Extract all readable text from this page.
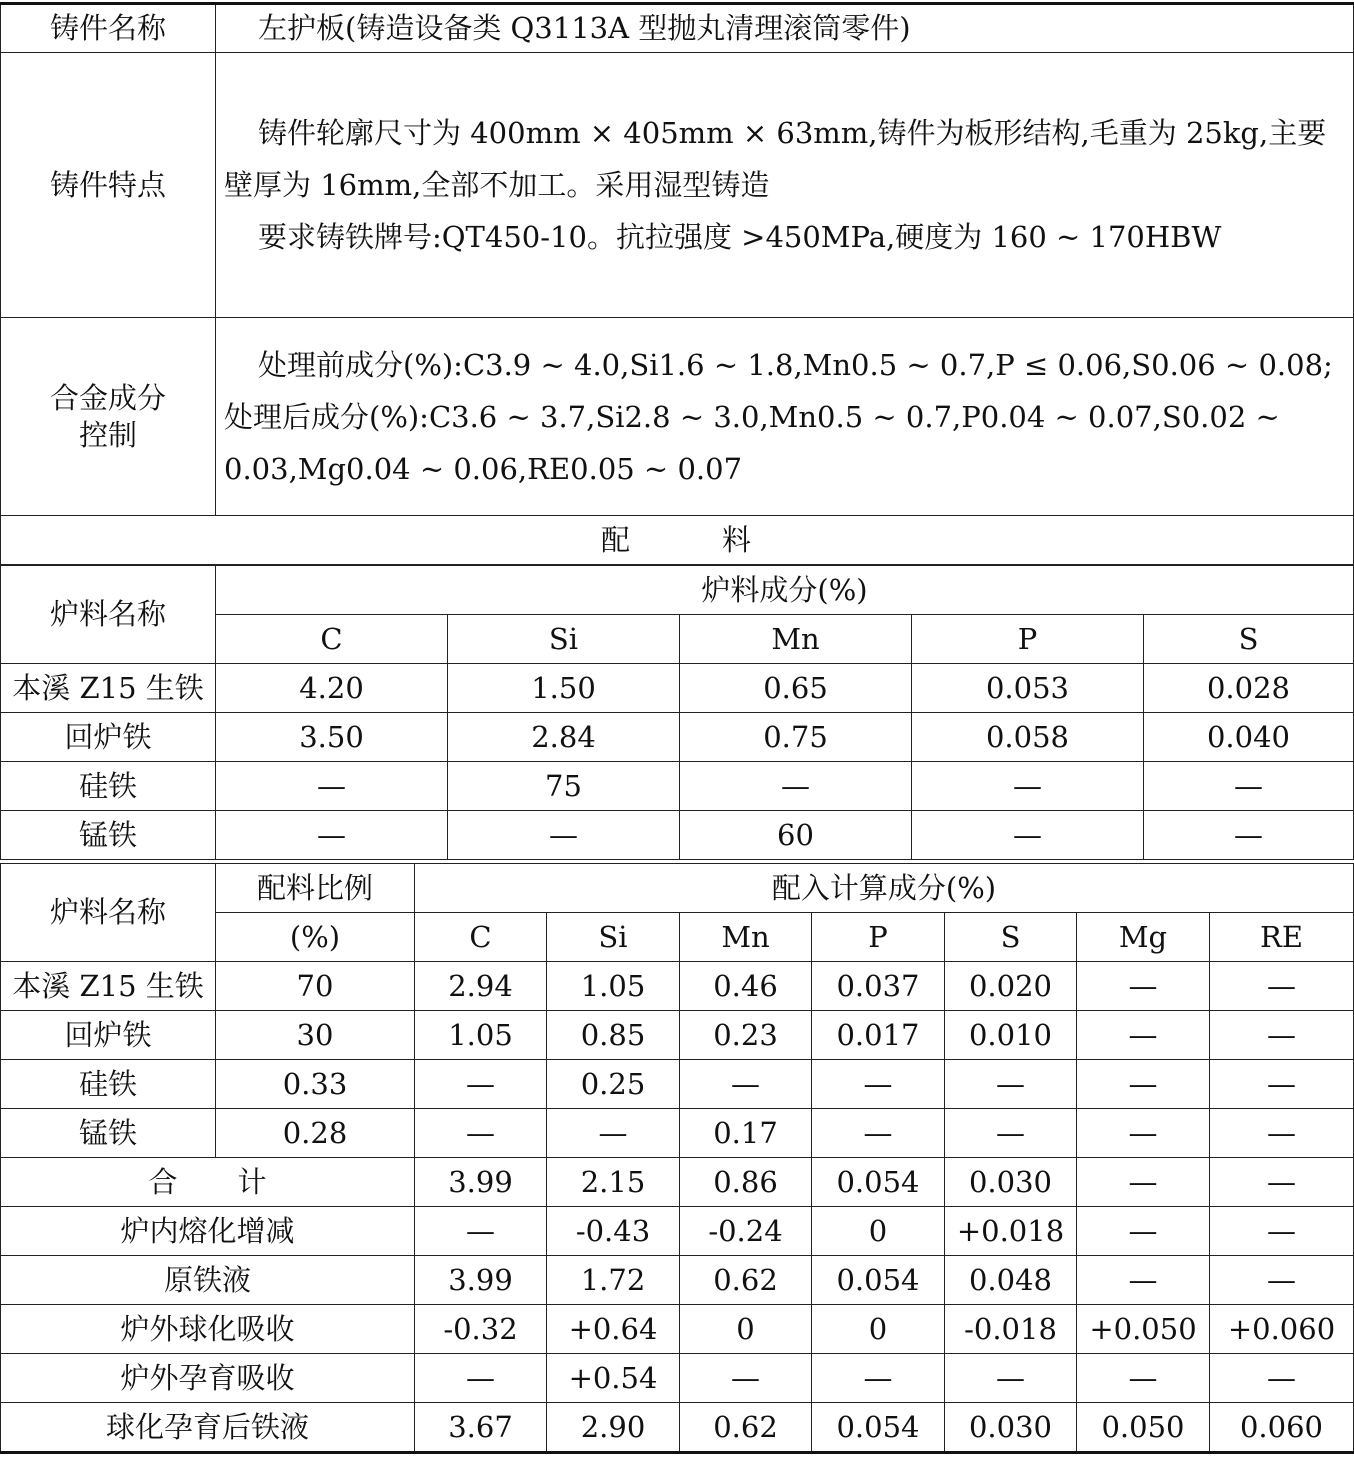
铸件名称	左护板(铸造设备类 Q3113A 型抛丸清理滚筒零件)
铸件特点	铸件轮廓尺寸为 400mm × 405mm × 63mm,铸件为板形结构,毛重为 25kg,主要壁厚为 16mm,全部不加工。采用湿型铸造
要求铸铁牌号:QT450-10。抗拉强度 >450MPa,硬度为 160 ~ 170HBW

合金成分
控制	处理前成分(%):C3.9 ~ 4.0,Si1.6 ~ 1.8,Mn0.5 ~ 0.7,P ≤ 0.06,S0.06 ~ 0.08;处理后成分(%):C3.6 ~ 3.7,Si2.8 ~ 3.0,Mn0.5 ~ 0.7,P0.04 ~ 0.07,S0.02 ~ 0.03,Mg0.04 ~ 0.06,RE0.05 ~ 0.07

配 料	
炉料名称	炉料成分(%)				
	C	Si	Mn	P	S
本溪 Z15 生铁	4.20	1.50	0.65	0.053	0.028
回炉铁	3.50	2.84	0.75	0.058	0.040
硅铁	—	75	—	—	—
锰铁	—	—	60	—	—
炉料名称	配料比例	配入计算成分(%)						
	(%)	C	Si	Mn	P	S	Mg	RE
本溪 Z15 生铁	70	2.94	1.05	0.46	0.037	0.020	—	—
回炉铁	30	1.05	0.85	0.23	0.017	0.010	—	—
硅铁	0.33	—	0.25	—	—	—	—	—
锰铁	0.28	—	—	0.17	—	—	—	—
合 计		3.99	2.15	0.86	0.054	0.030	—	—
炉内熔化增减		—	-0.43	-0.24	0	+0.018	—	—
原铁液		3.99	1.72	0.62	0.054	0.048	—	—
炉外球化吸收		-0.32	+0.64	0	0	-0.018	+0.050	+0.060
炉外孕育吸收		—	+0.54	—	—	—	—	—
球化孕育后铁液		3.67	2.90	0.62	0.054	0.030	0.050	0.060
